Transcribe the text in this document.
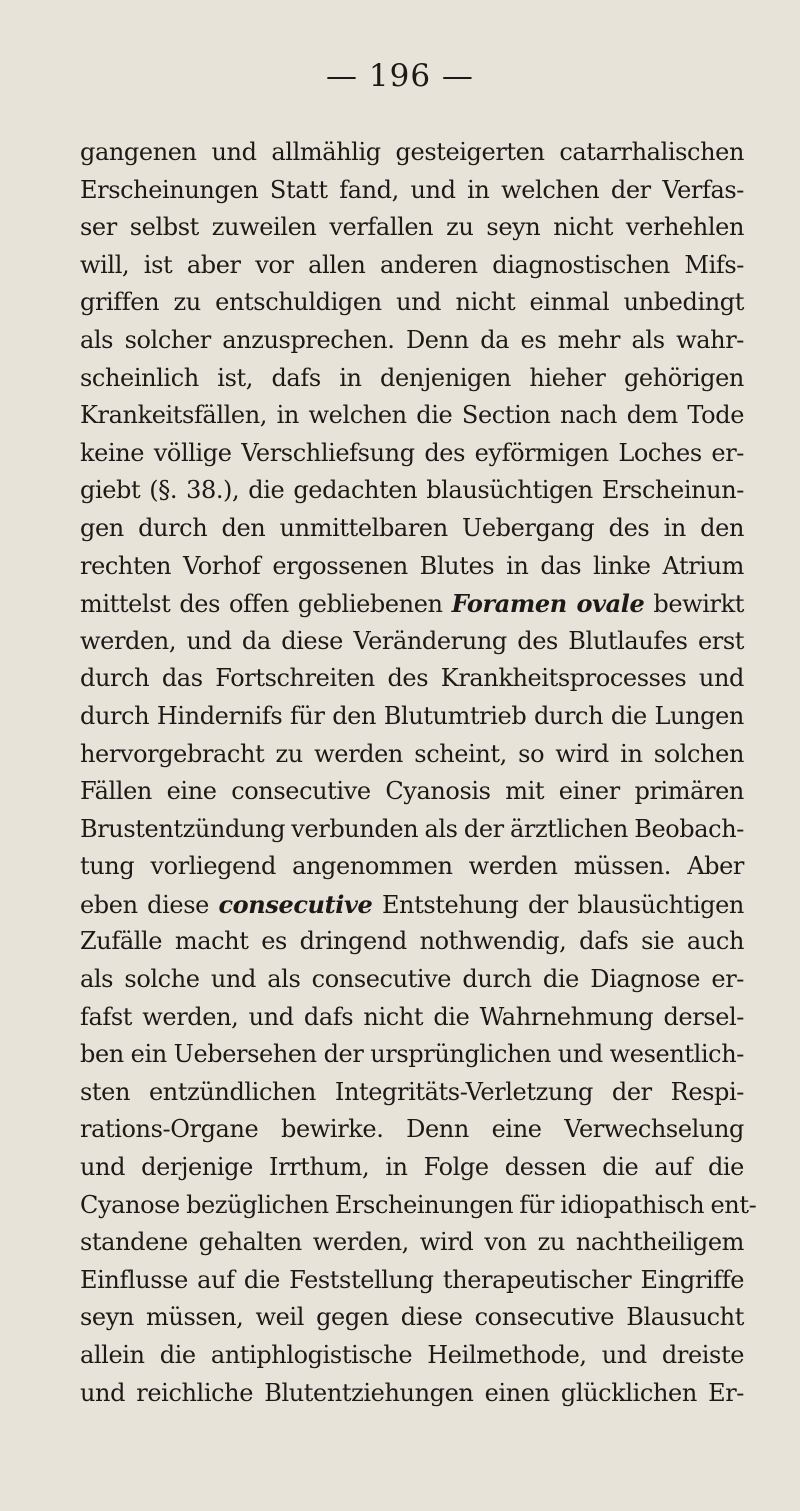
— 196 —
gangenen und allmählig gesteigerten catarrhalischen
Erscheinungen Statt fand, und in welchen der Verfas-
ser selbst zuweilen verfallen zu seyn nicht verhehlen
will, ist aber vor allen anderen diagnostischen Mifs-
griffen zu entschuldigen und nicht einmal unbedingt
als solcher anzusprechen. Denn da es mehr als wahr-
scheinlich ist, dafs in denjenigen hieher gehörigen
Krankeitsfällen, in welchen die Section nach dem Tode
keine völlige Verschliefsung des eyförmigen Loches er-
giebt (§. 38.), die gedachten blausüchtigen Erscheinun-
gen durch den unmittelbaren Uebergang des in den
rechten Vorhof ergossenen Blutes in das linke Atrium
mittelst des offen gebliebenen Foramen ovale bewirkt
werden, und da diese Veränderung des Blutlaufes erst
durch das Fortschreiten des Krankheitsprocesses und
durch Hindernifs für den Blutumtrieb durch die Lungen
hervorgebracht zu werden scheint, so wird in solchen
Fällen eine consecutive Cyanosis mit einer primären
Brustentzündung verbunden als der ärztlichen Beobach-
tung vorliegend angenommen werden müssen. Aber
eben diese consecutive Entstehung der blausüchtigen
Zufälle macht es dringend nothwendig, dafs sie auch
als solche und als consecutive durch die Diagnose er-
fafst werden, und dafs nicht die Wahrnehmung dersel-
ben ein Uebersehen der ursprünglichen und wesentlich-
sten entzündlichen Integritäts-Verletzung der Respi-
rations-Organe bewirke. Denn eine Verwechselung
und derjenige Irrthum, in Folge dessen die auf die
Cyanose bezüglichen Erscheinungen für idiopathisch ent-
standene gehalten werden, wird von zu nachtheiligem
Einflusse auf die Feststellung therapeutischer Eingriffe
seyn müssen, weil gegen diese consecutive Blausucht
allein die antiphlogistische Heilmethode, und dreiste
und reichliche Blutentziehungen einen glücklichen Er-
